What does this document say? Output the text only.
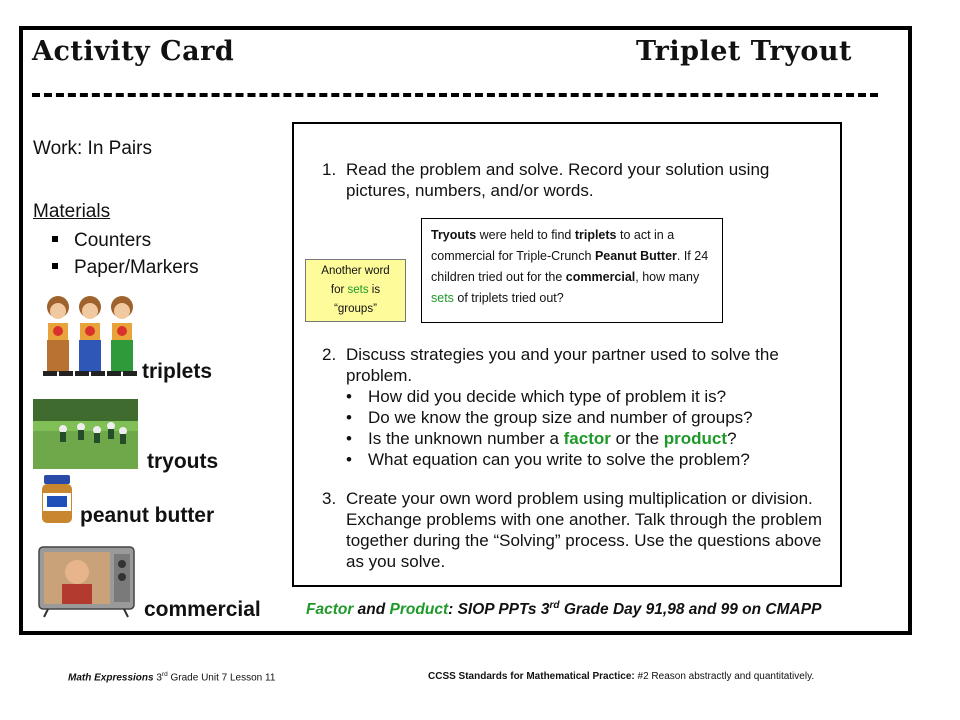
Activity Card	Triplet Tryout
Work: In Pairs
Materials
Counters
Paper/Markers
triplets
tryouts
peanut butter
commercial
1. Read the problem and solve. Record your solution using pictures, numbers, and/or words.
Another word
for sets is
“groups”
Tryouts were held to find triplets to act in a commercial for Triple-Crunch Peanut Butter. If 24 children tried out for the commercial, how many sets of triplets tried out?
2. Discuss strategies you and your partner used to solve the problem.
• How did you decide which type of problem it is?
• Do we know the group size and number of groups?
• Is the unknown number a factor or the product?
• What equation can you write to solve the problem?
3. Create your own word problem using multiplication or division. Exchange problems with one another. Talk through the problem together during the “Solving” process. Use the questions above as you solve.
Factor and Product: SIOP PPTs 3rd Grade Day 91,98 and 99 on CMAPP
Math Expressions 3rd Grade Unit 7 Lesson 11	CCSS Standards for Mathematical Practice: #2 Reason abstractly and quantitatively.
